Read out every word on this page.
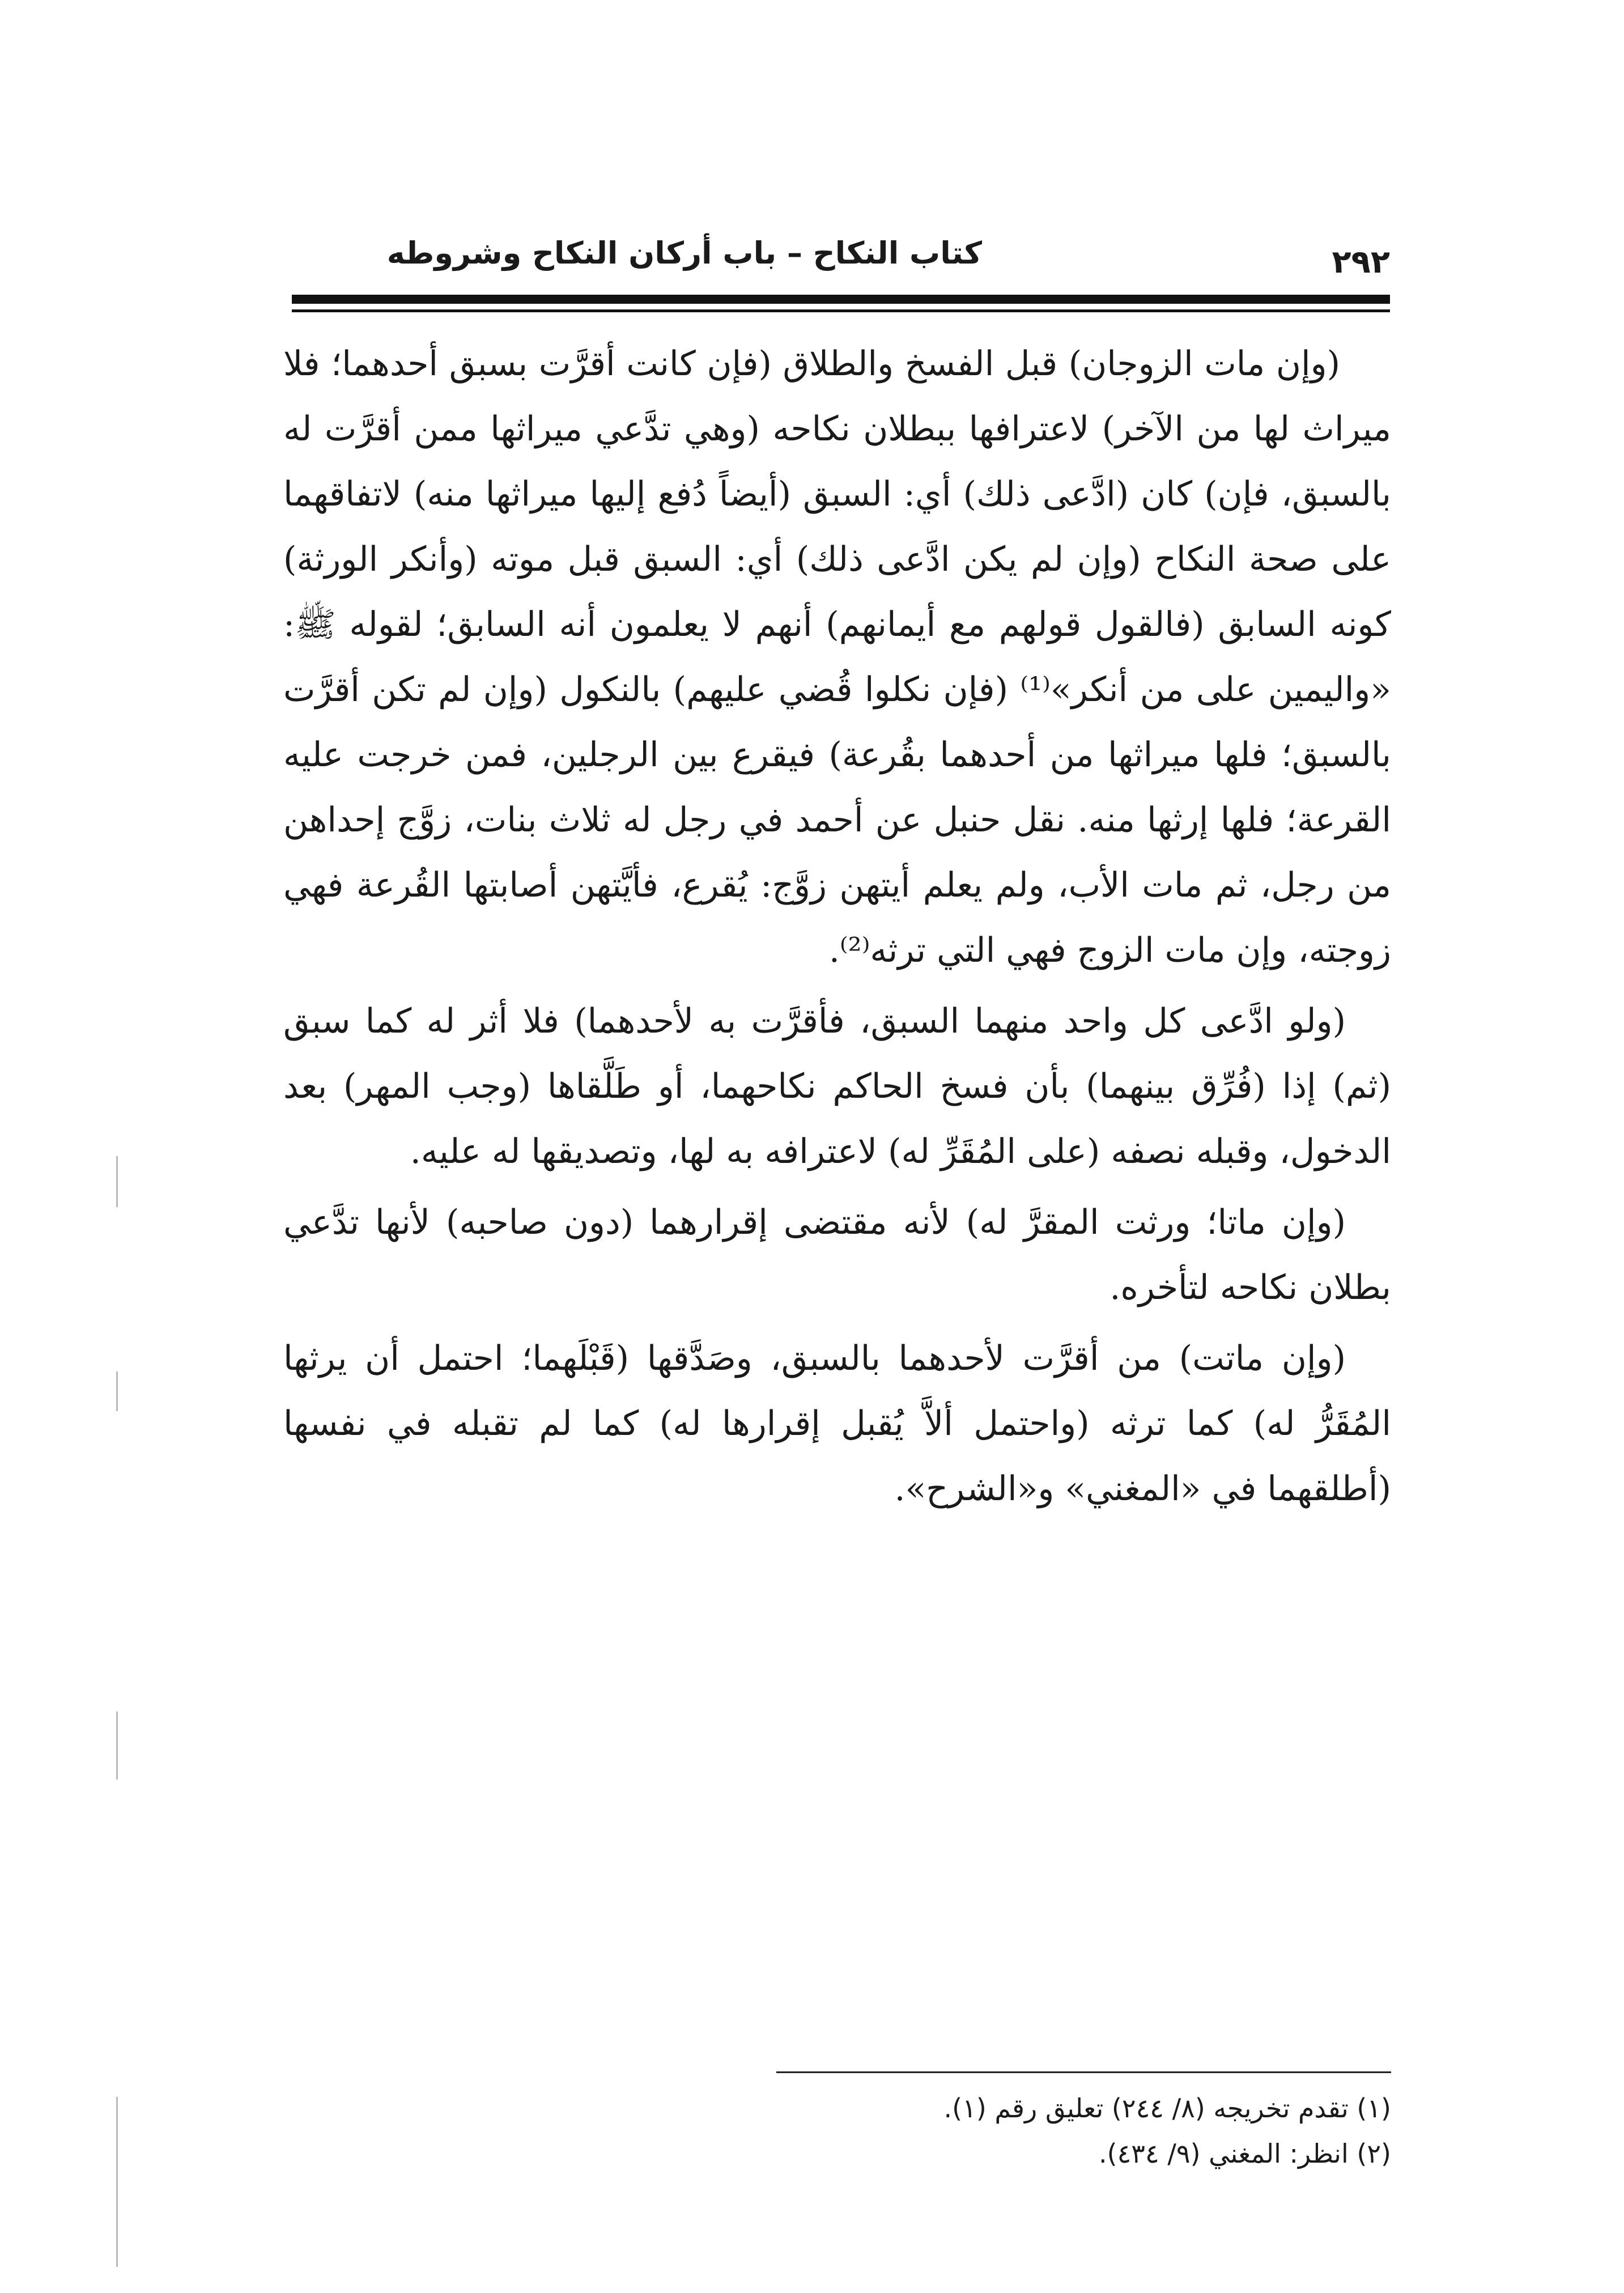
كتاب النكاح – باب أركان النكاح وشروطه	٢٩٢

(وإن مات الزوجان) قبل الفسخ والطلاق (فإن كانت أقرَّت بسبق أحدهما؛ فلا ميراث لها من الآخر) لاعترافها ببطلان نكاحه (وهي تدَّعي ميراثها ممن أقرَّت له بالسبق، فإن) كان (ادَّعى ذلك) أي: السبق (أيضاً دُفع إليها ميراثها منه) لاتفاقهما على صحة النكاح (وإن لم يكن ادَّعى ذلك) أي: السبق قبل موته (وأنكر الورثة) كونه السابق (فالقول قولهم مع أيمانهم) أنهم لا يعلمون أنه السابق؛ لقوله ﷺ: «واليمين على من أنكر»⁽¹⁾ (فإن نكلوا قُضي عليهم) بالنكول (وإن لم تكن أقرَّت بالسبق؛ فلها ميراثها من أحدهما بقُرعة) فيقرع بين الرجلين، فمن خرجت عليه القرعة؛ فلها إرثها منه. نقل حنبل عن أحمد في رجل له ثلاث بنات، زوَّج إحداهن من رجل، ثم مات الأب، ولم يعلم أيتهن زوَّج: يُقرع، فأيَّتهن أصابتها القُرعة فهي زوجته، وإن مات الزوج فهي التي ترثه⁽²⁾.

(ولو ادَّعى كل واحد منهما السبق، فأقرَّت به لأحدهما) فلا أثر له كما سبق (ثم) إذا (فُرِّق بينهما) بأن فسخ الحاكم نكاحهما، أو طَلَّقاها (وجب المهر) بعد الدخول، وقبله نصفه (على المُقَرِّ له) لاعترافه به لها، وتصديقها له عليه.

(وإن ماتا؛ ورثت المقرَّ له) لأنه مقتضى إقرارهما (دون صاحبه) لأنها تدَّعي بطلان نكاحه لتأخره.

(وإن ماتت) من أقرَّت لأحدهما بالسبق، وصَدَّقها (قَبْلَهما؛ احتمل أن يرثها المُقَرُّ له) كما ترثه (واحتمل ألاَّ يُقبل إقرارها له) كما لم تقبله في نفسها (أطلقهما في «المغني» و«الشرح».

(١) تقدم تخريجه (٨/ ٢٤٤) تعليق رقم (١).
(٢) انظر: المغني (٩/ ٤٣٤).
